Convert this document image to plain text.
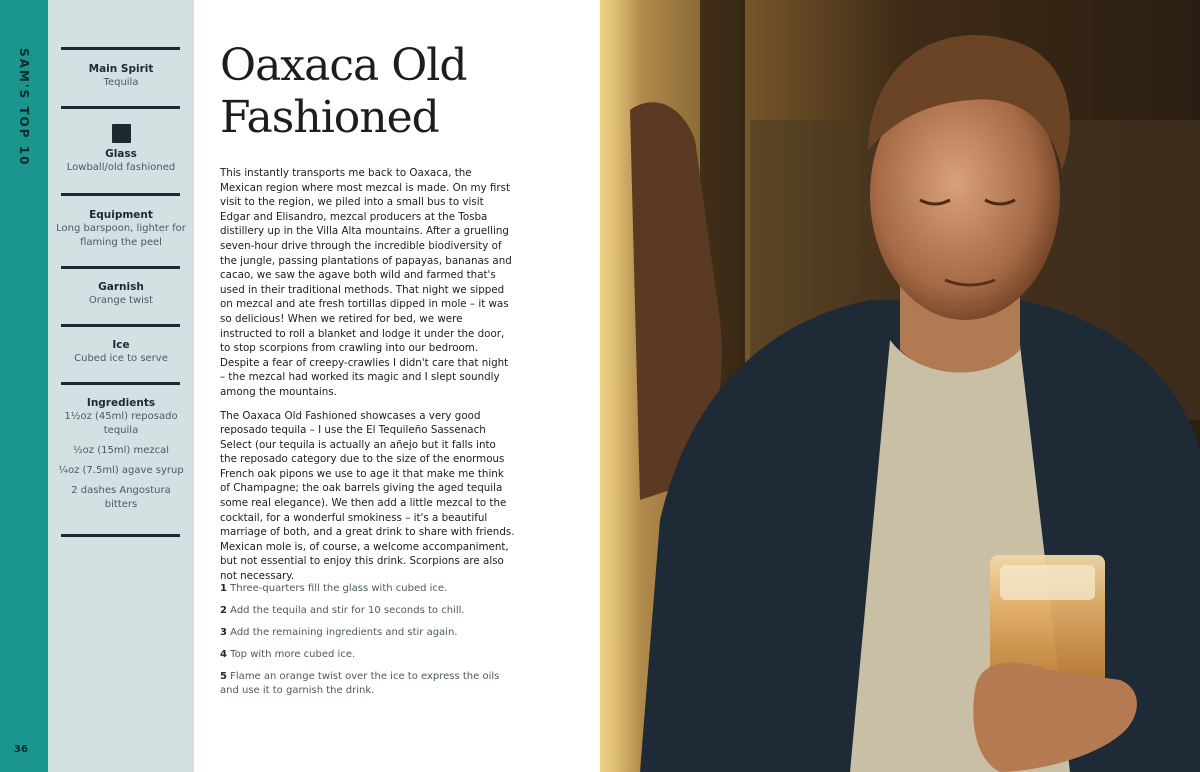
SAM'S TOP 10
36
Main Spirit
Tequila
Glass
Lowball/old fashioned
Equipment
Long barspoon, lighter for flaming the peel
Garnish
Orange twist
Ice
Cubed ice to serve
Ingredients
1½oz (45ml) reposado tequila
½oz (15ml) mezcal
¼oz (7.5ml) agave syrup
2 dashes Angostura bitters
Oaxaca Old Fashioned

This instantly transports me back to Oaxaca, the Mexican region where most mezcal is made. On my first visit to the region, we piled into a small bus to visit Edgar and Elisandro, mezcal producers at the Tosba distillery up in the Villa Alta mountains. After a gruelling seven-hour drive through the incredible biodiversity of the jungle, passing plantations of papayas, bananas and cacao, we saw the agave both wild and farmed that's used in their traditional methods. That night we sipped on mezcal and ate fresh tortillas dipped in mole – it was so delicious! When we retired for bed, we were instructed to roll a blanket and lodge it under the door, to stop scorpions from crawling into our bedroom. Despite a fear of creepy-crawlies I didn't care that night – the mezcal had worked its magic and I slept soundly among the mountains.

The Oaxaca Old Fashioned showcases a very good reposado tequila – I use the El Tequileño Sassenach Select (our tequila is actually an añejo but it falls into the reposado category due to the size of the enormous French oak pipons we use to age it that make me think of Champagne; the oak barrels giving the aged tequila some real elegance). We then add a little mezcal to the cocktail, for a wonderful smokiness – it's a beautiful marriage of both, and a great drink to share with friends. Mexican mole is, of course, a welcome accompaniment, but not essential to enjoy this drink. Scorpions are also not necessary.

1 Three-quarters fill the glass with cubed ice.
2 Add the tequila and stir for 10 seconds to chill.
3 Add the remaining ingredients and stir again.
4 Top with more cubed ice.
5 Flame an orange twist over the ice to express the oils and use it to garnish the drink.
